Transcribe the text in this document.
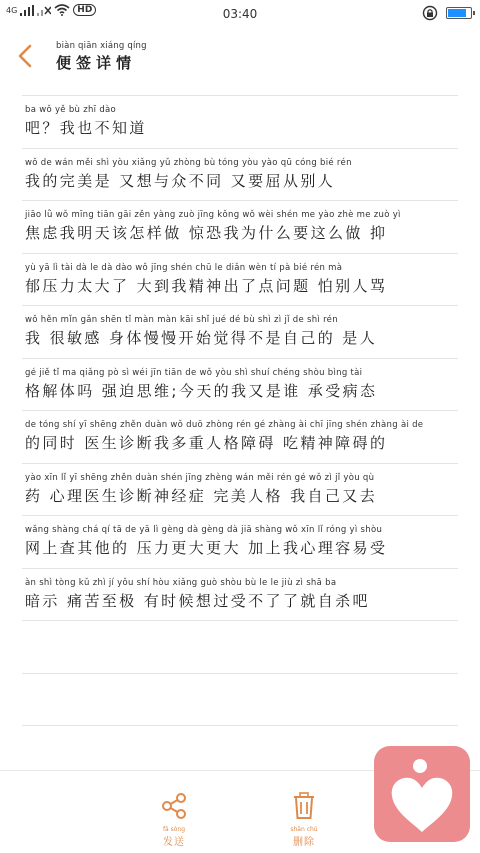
4G	HD	03:40
biàn qiān xiáng qíng
便签详情
ba wǒ yě bù zhī dào
吧？我也不知道
wǒ de wán měi shì yòu xiǎng yǔ zhòng bù tóng yòu yào qū cóng bié rén
我的完美是 又想与众不同 又要屈从别人
jiāo lǜ wǒ mīng tiān gāi zěn yàng zuò jīng kǒng wǒ wèi shén me yào zhè me zuò yì
焦虑我明天该怎样做 惊恐我为什么要这么做 抑
yù yā lì tài dà le dà dào wǒ jīng shén chū le diǎn wèn tí pà bié rén mà
郁压力太大了 大到我精神出了点问题 怕别人骂
wǒ hěn mǐn gǎn shēn tǐ màn màn kāi shǐ jué dé bù shì zì jǐ de shì rén
我 很敏感 身体慢慢开始觉得不是自己的 是人
gé jiě tǐ ma qiǎng pò sì wéi jīn tiān de wǒ yòu shì shuí chéng shòu bìng tài
格解体吗 强迫思维;今天的我又是谁 承受病态
de tóng shí yī shēng zhěn duàn wǒ duō zhòng rén gé zhàng ài chī jīng shén zhàng ài de
的同时 医生诊断我多重人格障碍 吃精神障碍的
yào xīn lǐ yī shēng zhěn duàn shén jīng zhèng wán měi rén gé wǒ zì jǐ yòu qù
药 心理医生诊断神经症 完美人格 我自己又去
wǎng shàng chá qí tā de yā lì gèng dà gèng dà jiā shàng wǒ xīn lǐ róng yì shòu
网上查其他的 压力更大更大 加上我心理容易受
àn shì tòng kǔ zhì jí yǒu shí hòu xiǎng guò shòu bù le le jiù zì shā ba
暗示 痛苦至极 有时候想过受不了了就自杀吧
fā sòng
发送
shān chú
删除
